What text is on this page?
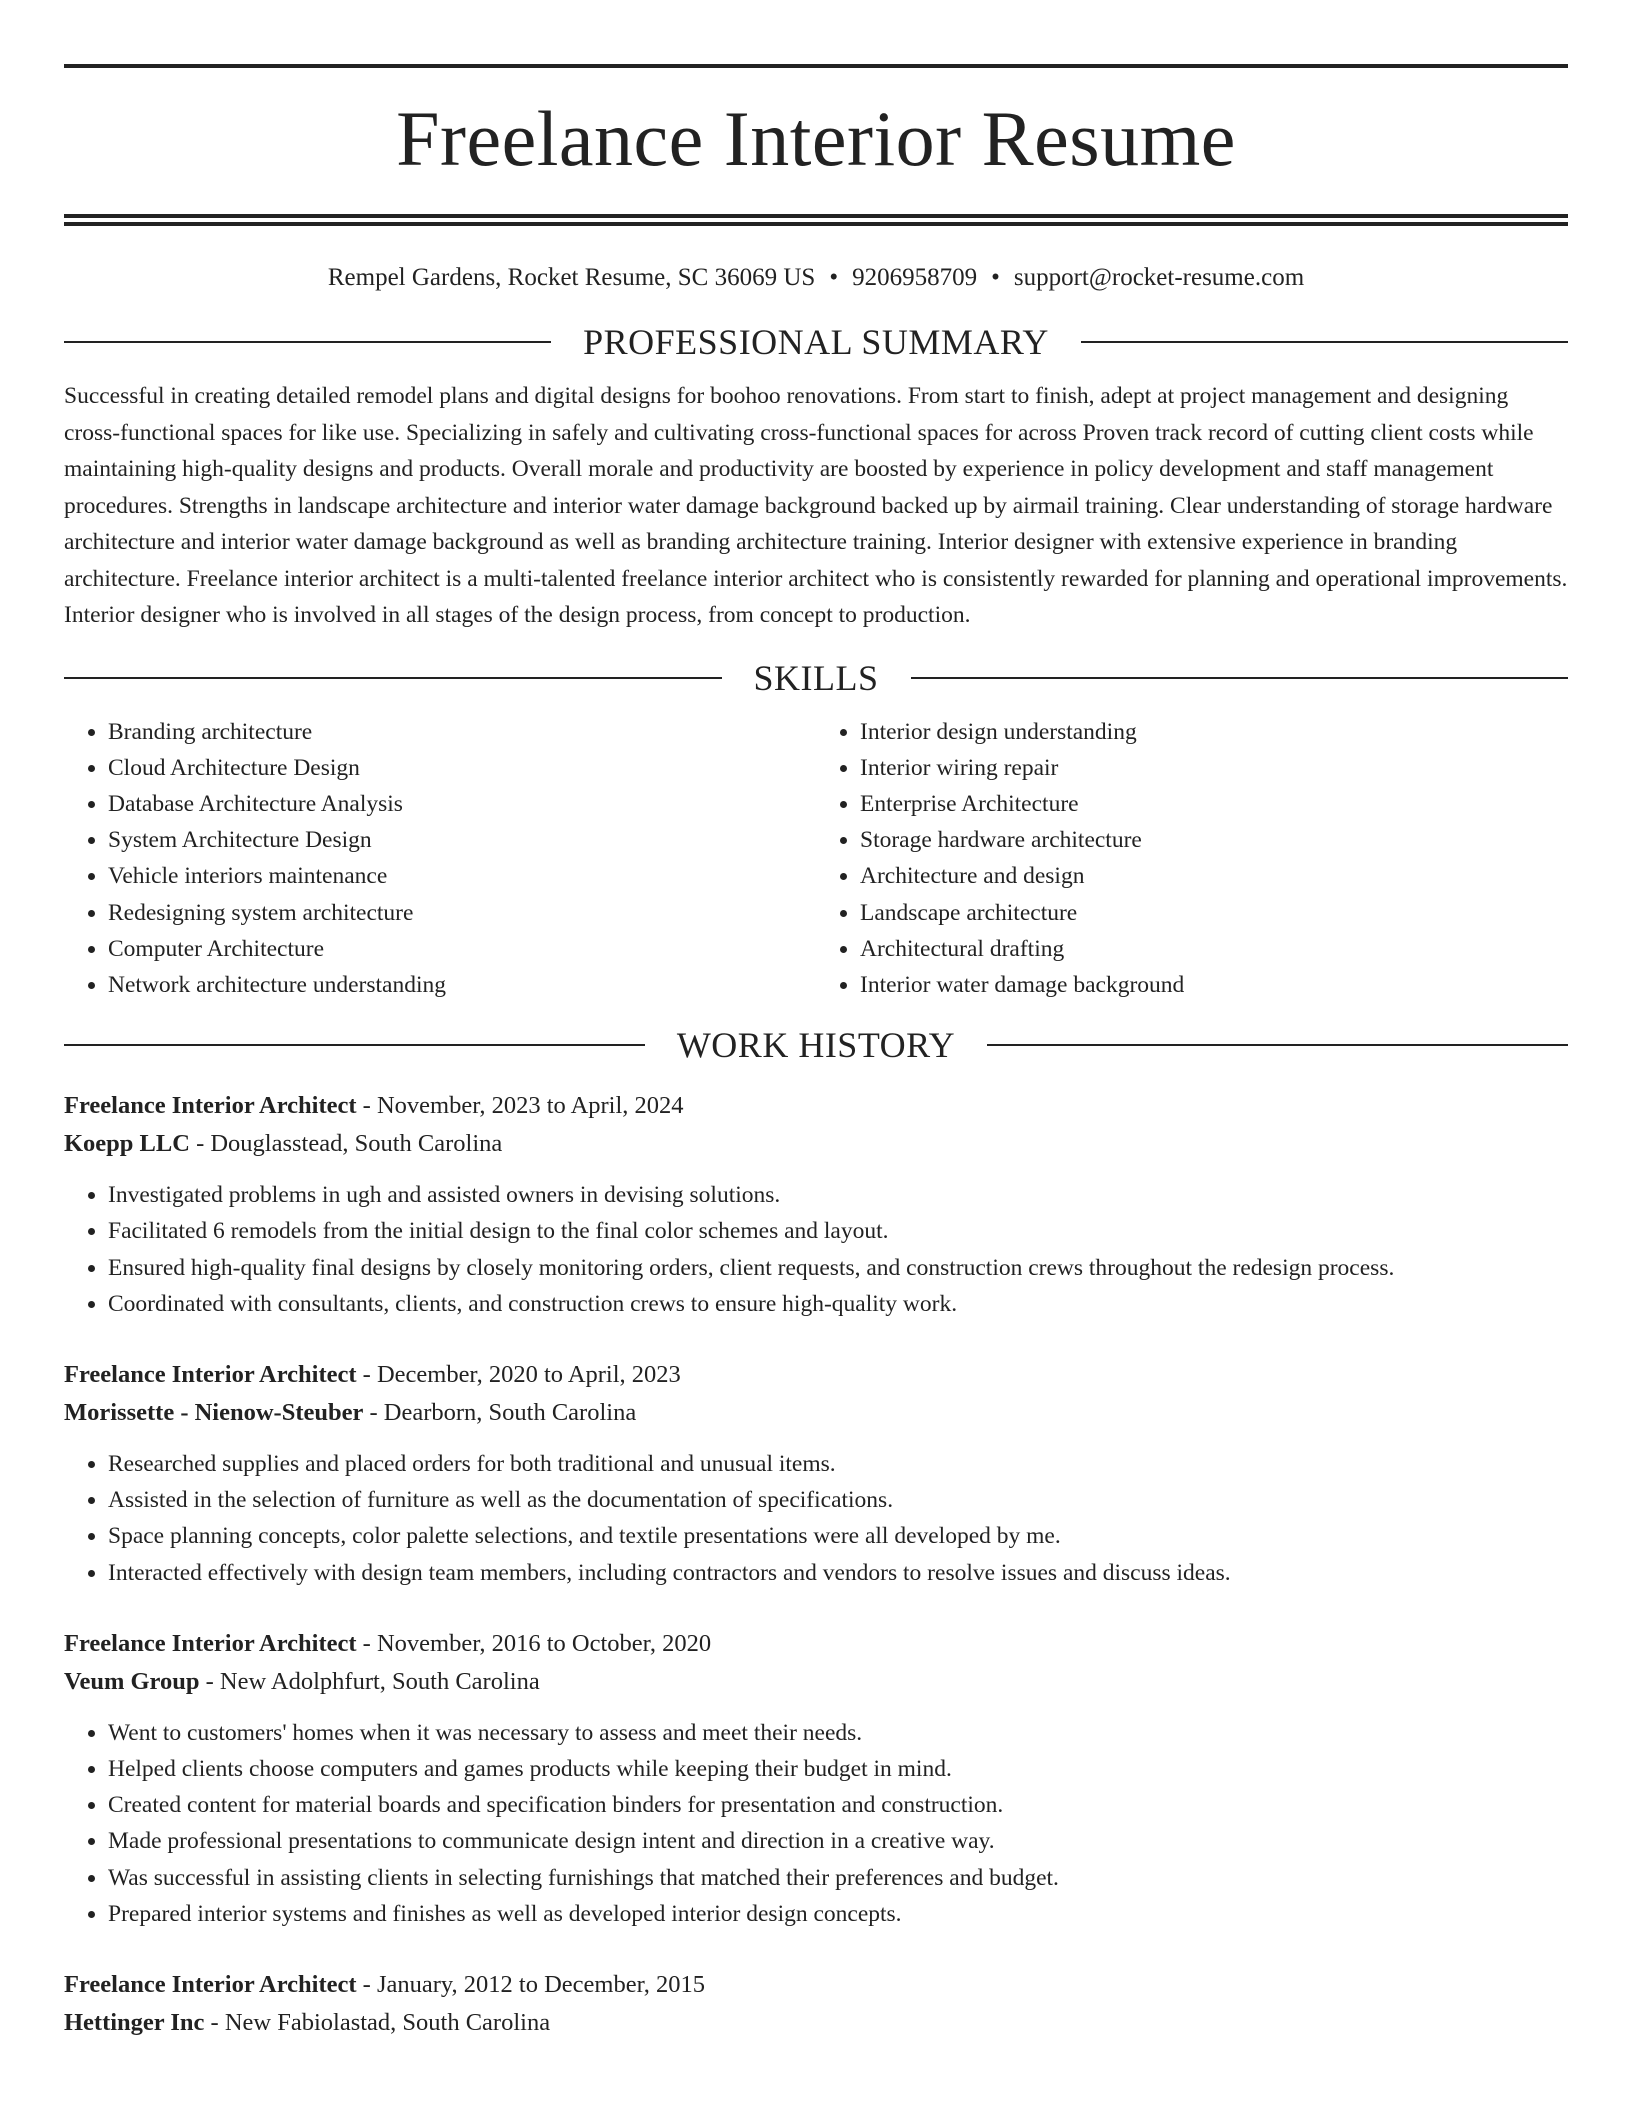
Freelance Interior Resume
Rempel Gardens, Rocket Resume, SC 36069 US • 9206958709 • support@rocket-resume.com
PROFESSIONAL SUMMARY
Successful in creating detailed remodel plans and digital designs for boohoo renovations. From start to finish, adept at project management and designing cross-functional spaces for like use. Specializing in safely and cultivating cross-functional spaces for across Proven track record of cutting client costs while maintaining high-quality designs and products. Overall morale and productivity are boosted by experience in policy development and staff management procedures. Strengths in landscape architecture and interior water damage background backed up by airmail training. Clear understanding of storage hardware architecture and interior water damage background as well as branding architecture training. Interior designer with extensive experience in branding architecture. Freelance interior architect is a multi-talented freelance interior architect who is consistently rewarded for planning and operational improvements. Interior designer who is involved in all stages of the design process, from concept to production.
SKILLS
• Branding architecture
• Cloud Architecture Design
• Database Architecture Analysis
• System Architecture Design
• Vehicle interiors maintenance
• Redesigning system architecture
• Computer Architecture
• Network architecture understanding
• Interior design understanding
• Interior wiring repair
• Enterprise Architecture
• Storage hardware architecture
• Architecture and design
• Landscape architecture
• Architectural drafting
• Interior water damage background
WORK HISTORY
Freelance Interior Architect - November, 2023 to April, 2024
Koepp LLC - Douglasstead, South Carolina
• Investigated problems in ugh and assisted owners in devising solutions.
• Facilitated 6 remodels from the initial design to the final color schemes and layout.
• Ensured high-quality final designs by closely monitoring orders, client requests, and construction crews throughout the redesign process.
• Coordinated with consultants, clients, and construction crews to ensure high-quality work.
Freelance Interior Architect - December, 2020 to April, 2023
Morissette - Nienow-Steuber - Dearborn, South Carolina
• Researched supplies and placed orders for both traditional and unusual items.
• Assisted in the selection of furniture as well as the documentation of specifications.
• Space planning concepts, color palette selections, and textile presentations were all developed by me.
• Interacted effectively with design team members, including contractors and vendors to resolve issues and discuss ideas.
Freelance Interior Architect - November, 2016 to October, 2020
Veum Group - New Adolphfurt, South Carolina
• Went to customers' homes when it was necessary to assess and meet their needs.
• Helped clients choose computers and games products while keeping their budget in mind.
• Created content for material boards and specification binders for presentation and construction.
• Made professional presentations to communicate design intent and direction in a creative way.
• Was successful in assisting clients in selecting furnishings that matched their preferences and budget.
• Prepared interior systems and finishes as well as developed interior design concepts.
Freelance Interior Architect - January, 2012 to December, 2015
Hettinger Inc - New Fabiolastad, South Carolina
